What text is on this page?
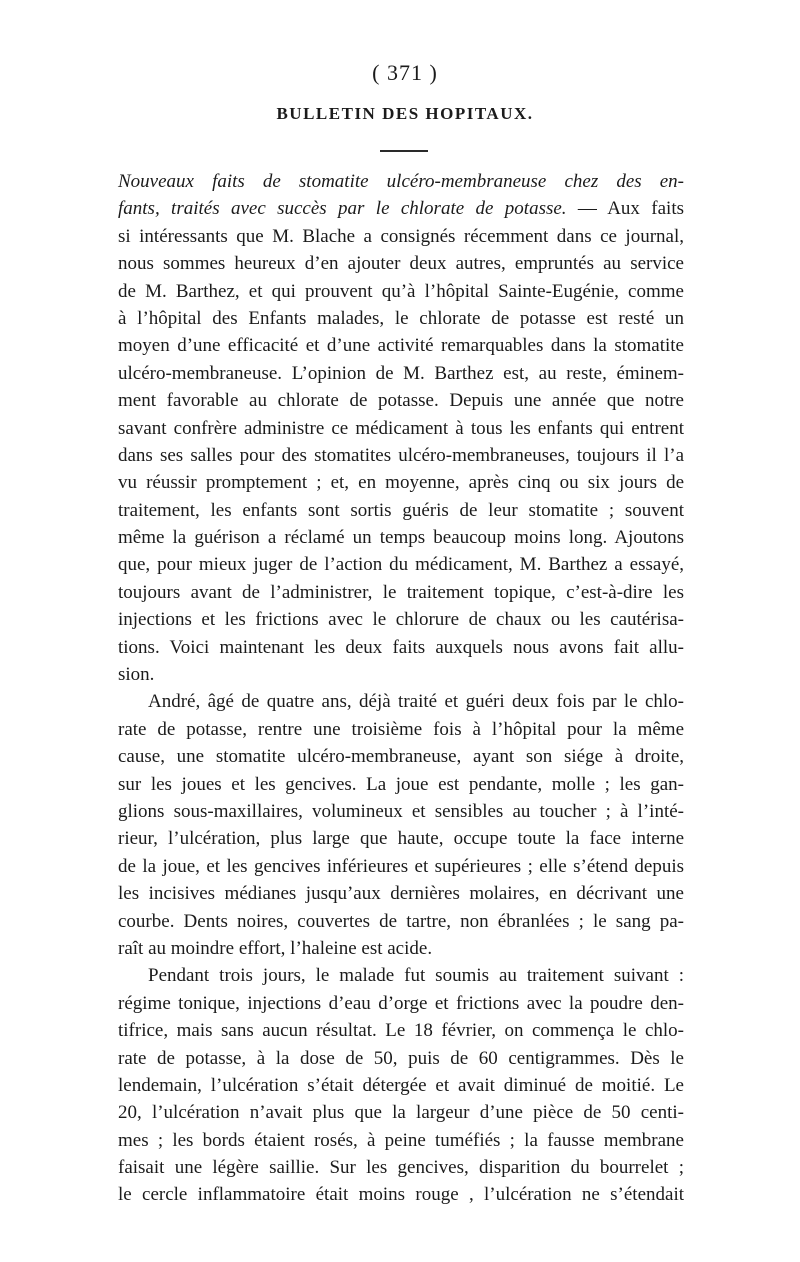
( 371 )
BULLETIN DES HOPITAUX.
Nouveaux faits de stomatite ulcéro-membraneuse chez des en-
fants, traités avec succès par le chlorate de potasse. — Aux faits
si intéressants que M. Blache a consignés récemment dans ce journal,
nous sommes heureux d’en ajouter deux autres, empruntés au service
de M. Barthez, et qui prouvent qu’à l’hôpital Sainte-Eugénie, comme
à l’hôpital des Enfants malades, le chlorate de potasse est resté un
moyen d’une efficacité et d’une activité remarquables dans la stomatite
ulcéro-membraneuse. L’opinion de M. Barthez est, au reste, éminem-
ment favorable au chlorate de potasse. Depuis une année que notre
savant confrère administre ce médicament à tous les enfants qui entrent
dans ses salles pour des stomatites ulcéro-membraneuses, toujours il l’a
vu réussir promptement ; et, en moyenne, après cinq ou six jours de
traitement, les enfants sont sortis guéris de leur stomatite ; souvent
même la guérison a réclamé un temps beaucoup moins long. Ajoutons
que, pour mieux juger de l’action du médicament, M. Barthez a essayé,
toujours avant de l’administrer, le traitement topique, c’est-à-dire les
injections et les frictions avec le chlorure de chaux ou les cautérisa-
tions. Voici maintenant les deux faits auxquels nous avons fait allu-
sion.
André, âgé de quatre ans, déjà traité et guéri deux fois par le chlo-
rate de potasse, rentre une troisième fois à l’hôpital pour la même
cause, une stomatite ulcéro-membraneuse, ayant son siége à droite,
sur les joues et les gencives. La joue est pendante, molle ; les gan-
glions sous-maxillaires, volumineux et sensibles au toucher ; à l’inté-
rieur, l’ulcération, plus large que haute, occupe toute la face interne
de la joue, et les gencives inférieures et supérieures ; elle s’étend depuis
les incisives médianes jusqu’aux dernières molaires, en décrivant une
courbe. Dents noires, couvertes de tartre, non ébranlées ; le sang pa-
raît au moindre effort, l’haleine est acide.
Pendant trois jours, le malade fut soumis au traitement suivant :
régime tonique, injections d’eau d’orge et frictions avec la poudre den-
tifrice, mais sans aucun résultat. Le 18 février, on commença le chlo-
rate de potasse, à la dose de 50, puis de 60 centigrammes. Dès le
lendemain, l’ulcération s’était détergée et avait diminué de moitié. Le
20, l’ulcération n’avait plus que la largeur d’une pièce de 50 centi-
mes ; les bords étaient rosés, à peine tuméfiés ; la fausse membrane
faisait une légère saillie. Sur les gencives, disparition du bourrelet ;
le cercle inflammatoire était moins rouge , l’ulcération ne s’étendait
